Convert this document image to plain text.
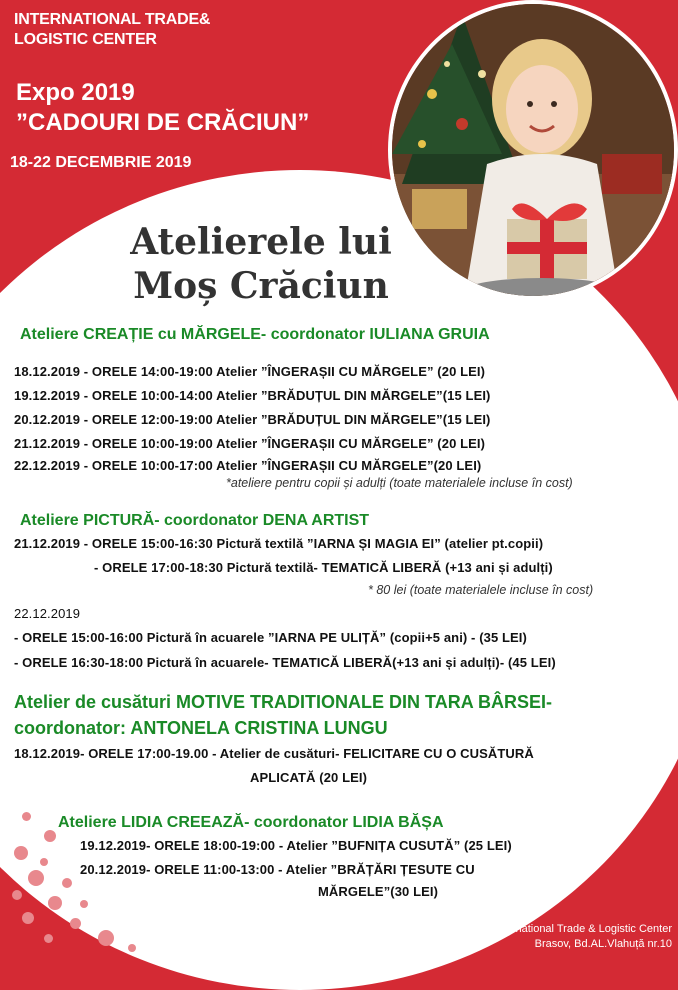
INTERNATIONAL TRADE&
LOGISTIC CENTER
Expo 2019
”CADOURI DE CRĂCIUN”
18-22 DECEMBRIE 2019
Atelierele lui
Moș Crăciun
Ateliere CREAȚIE cu MĂRGELE- coordonator IULIANA GRUIA
18.12.2019 - ORELE 14:00-19:00 Atelier ”ÎNGERAȘII CU MĂRGELE” (20 LEI)
19.12.2019 - ORELE 10:00-14:00 Atelier ”BRĂDUȚUL DIN MĂRGELE”(15 LEI)
20.12.2019 - ORELE 12:00-19:00 Atelier ”BRĂDUȚUL DIN MĂRGELE”(15 LEI)
21.12.2019 - ORELE 10:00-19:00 Atelier ”ÎNGERAȘII CU MĂRGELE” (20 LEI)
22.12.2019 - ORELE 10:00-17:00 Atelier ”ÎNGERAȘII CU MĂRGELE”(20 LEI)
*ateliere pentru copii și adulți (toate materialele incluse în cost)
Ateliere PICTURĂ- coordonator DENA ARTIST
21.12.2019 - ORELE 15:00-16:30 Pictură textilă ”IARNA ȘI MAGIA EI” (atelier pt.copii)
- ORELE 17:00-18:30 Pictură textilă- TEMATICĂ LIBERĂ (+13 ani și adulți)
* 80 lei (toate materialele incluse în cost)
22.12.2019
- ORELE 15:00-16:00 Pictură în acuarele ”IARNA PE ULIȚĂ” (copii+5 ani) - (35 LEI)
- ORELE 16:30-18:00 Pictură în acuarele- TEMATICĂ LIBERĂ(+13 ani și adulți)- (45 LEI)
Atelier de cusături MOTIVE TRADITIONALE DIN TARA BÂRSEI-
coordonator: ANTONELA CRISTINA LUNGU
18.12.2019- ORELE 17:00-19.00 - Atelier de cusături- FELICITARE CU O CUSĂTURĂ
APLICATĂ (20 LEI)
Ateliere LIDIA CREEAZĂ- coordonator LIDIA BĂȘA
19.12.2019- ORELE 18:00-19:00 - Atelier ”BUFNIȚA CUSUTĂ” (25 LEI)
20.12.2019- ORELE 11:00-13:00 - Atelier ”BRĂȚĂRI ȚESUTE CU
MĂRGELE”(30 LEI)
International Trade & Logistic Center
Brasov, Bd.AL.Vlahuță nr.10
